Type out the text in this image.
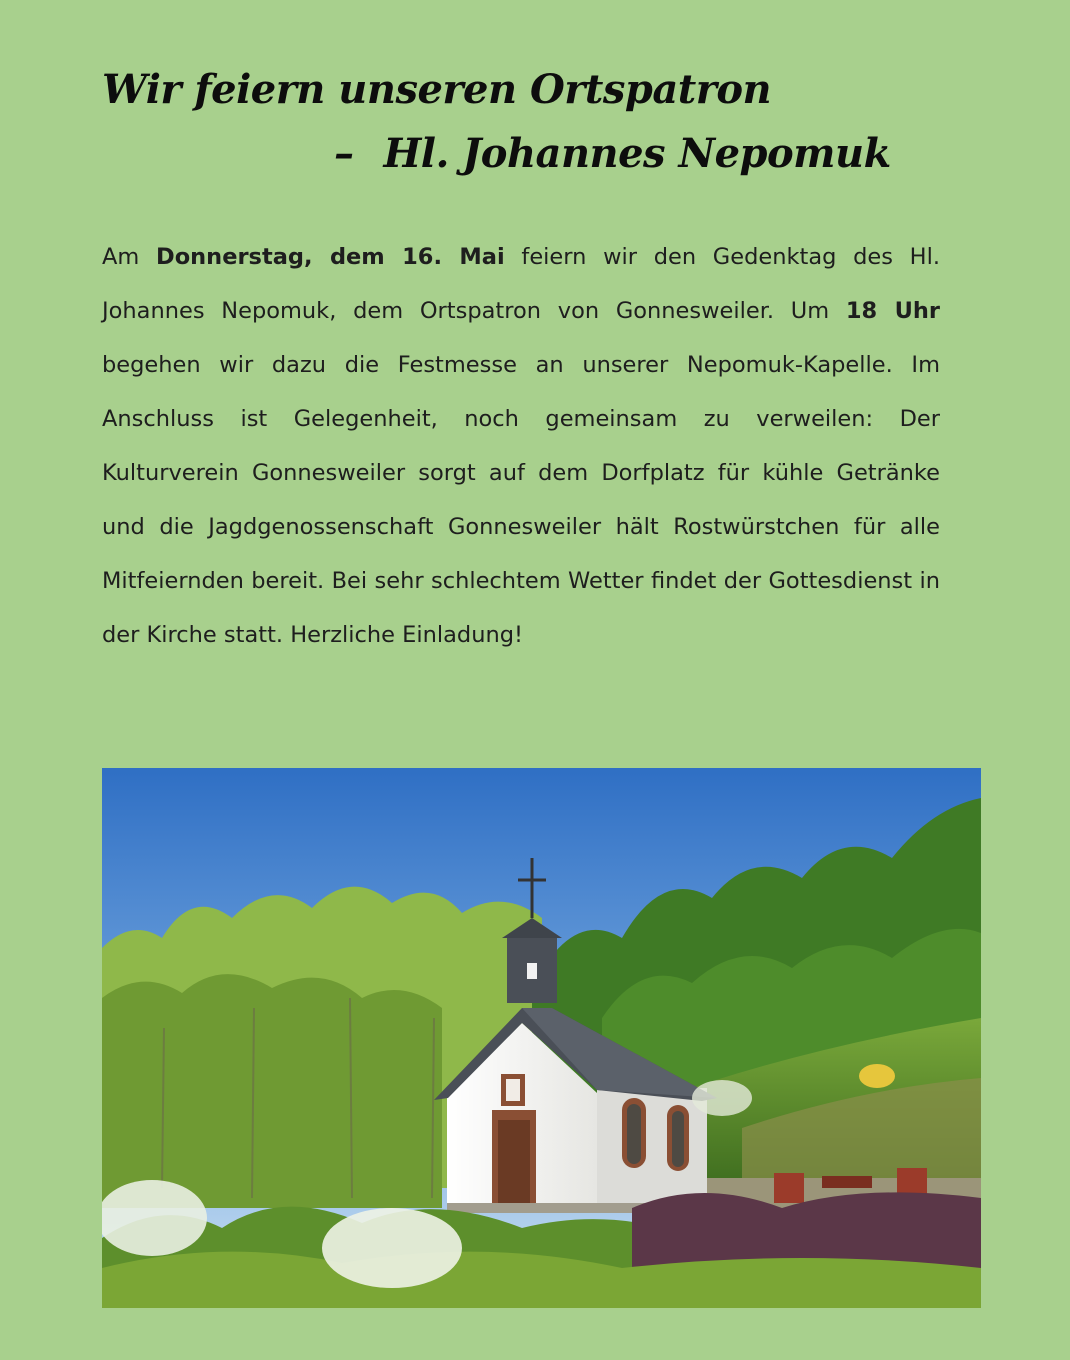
Wir feiern unseren Ortspatron
– Hl. Johannes Nepomuk
Am Donnerstag, dem 16. Mai feiern wir den Gedenktag des Hl. Johannes Nepomuk, dem Ortspatron von Gonnesweiler. Um 18 Uhr begehen wir dazu die Festmesse an unserer Nepomuk-Kapelle. Im Anschluss ist Gelegenheit, noch gemeinsam zu verweilen: Der Kulturverein Gonnesweiler sorgt auf dem Dorfplatz für kühle Getränke und die Jagdgenossenschaft Gonnesweiler hält Rostwürstchen für alle Mitfeiernden bereit. Bei sehr schlechtem Wetter findet der Gottesdienst in der Kirche statt. Herzliche Einladung!
